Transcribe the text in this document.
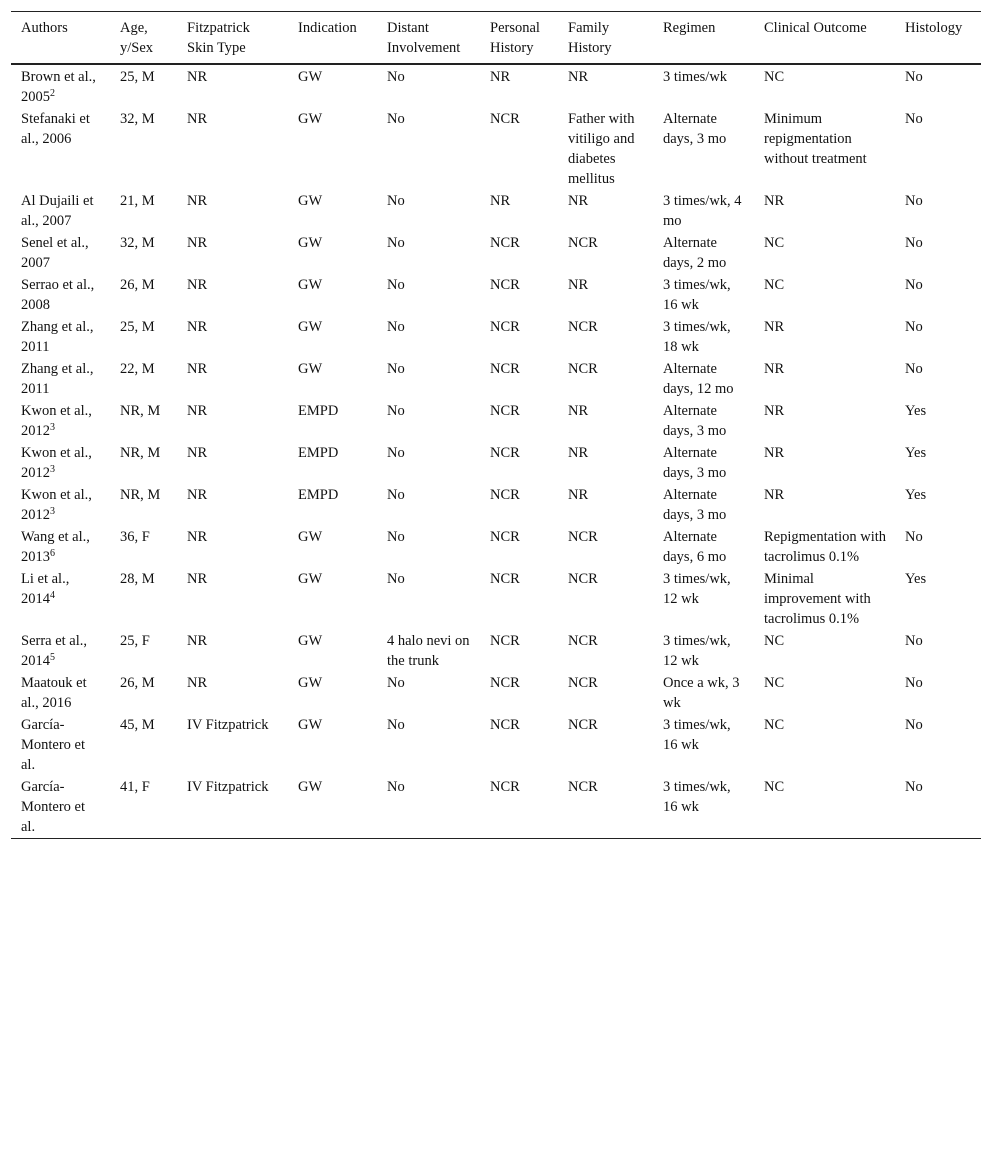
Authors	Age, y/Sex	Fitzpatrick Skin Type	Indication	Distant Involvement	Personal History	Family History	Regimen	Clinical Outcome	Histology
Brown et al., 2005$^2$	25, M	NR	GW	No	NR	NR	3 times/wk	NC	No
Stefanaki et al., 2006	32, M	NR	GW	No	NCR	Father with vitiligo and diabetes mellitus	Alternate days, 3 mo	Minimum repigmentation without treatment	No
Al Dujaili et al., 2007	21, M	NR	GW	No	NR	NR	3 times/wk, 4 mo	NR	No
Senel et al., 2007	32, M	NR	GW	No	NCR	NCR	Alternate days, 2 mo	NC	No
Serrao et al., 2008	26, M	NR	GW	No	NCR	NR	3 times/wk, 16 wk	NC	No
Zhang et al., 2011	25, M	NR	GW	No	NCR	NCR	3 times/wk, 18 wk	NR	No
Zhang et al., 2011	22, M	NR	GW	No	NCR	NCR	Alternate days, 12 mo	NR	No
Kwon et al., 2012$^3$	NR, M	NR	EMPD	No	NCR	NR	Alternate days, 3 mo	NR	Yes
Kwon et al., 2012$^3$	NR, M	NR	EMPD	No	NCR	NR	Alternate days, 3 mo	NR	Yes
Kwon et al., 2012$^3$	NR, M	NR	EMPD	No	NCR	NR	Alternate days, 3 mo	NR	Yes
Wang et al., 2013$^6$	36, F	NR	GW	No	NCR	NCR	Alternate days, 6 mo	Repigmentation with tacrolimus 0.1%	No
Li et al., 2014$^4$	28, M	NR	GW	No	NCR	NCR	3 times/wk, 12 wk	Minimal improvement with tacrolimus 0.1%	Yes
Serra et al., 2014$^5$	25, F	NR	GW	4 halo nevi on the trunk	NCR	NCR	3 times/wk, 12 wk	NC	No
Maatouk et al., 2016	26, M	NR	GW	No	NCR	NCR	Once a wk, 3 wk	NC	No
García-Montero et al.	45, M	IV Fitzpatrick	GW	No	NCR	NCR	3 times/wk, 16 wk	NC	No
García-Montero et al.	41, F	IV Fitzpatrick	GW	No	NCR	NCR	3 times/wk, 16 wk	NC	No
